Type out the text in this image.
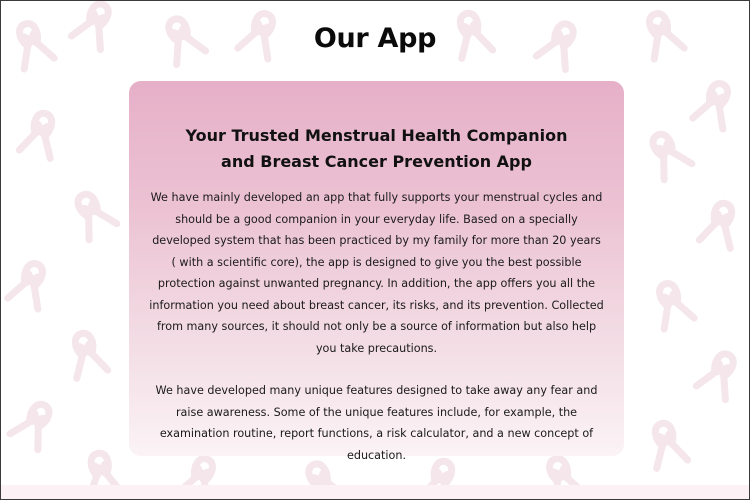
Our App
Your Trusted Menstrual Health Companion
and Breast Cancer Prevention App

We have mainly developed an app that fully supports your menstrual cycles and should be a good companion in your everyday life. Based on a specially developed system that has been practiced by my family for more than 20 years ( with a scientific core), the app is designed to give you the best possible protection against unwanted pregnancy. In addition, the app offers you all the information you need about breast cancer, its risks, and its prevention. Collected from many sources, it should not only be a source of information but also help you take precautions.

We have developed many unique features designed to take away any fear and raise awareness. Some of the unique features include, for example, the examination routine, report functions, a risk calculator, and a new concept of education.
